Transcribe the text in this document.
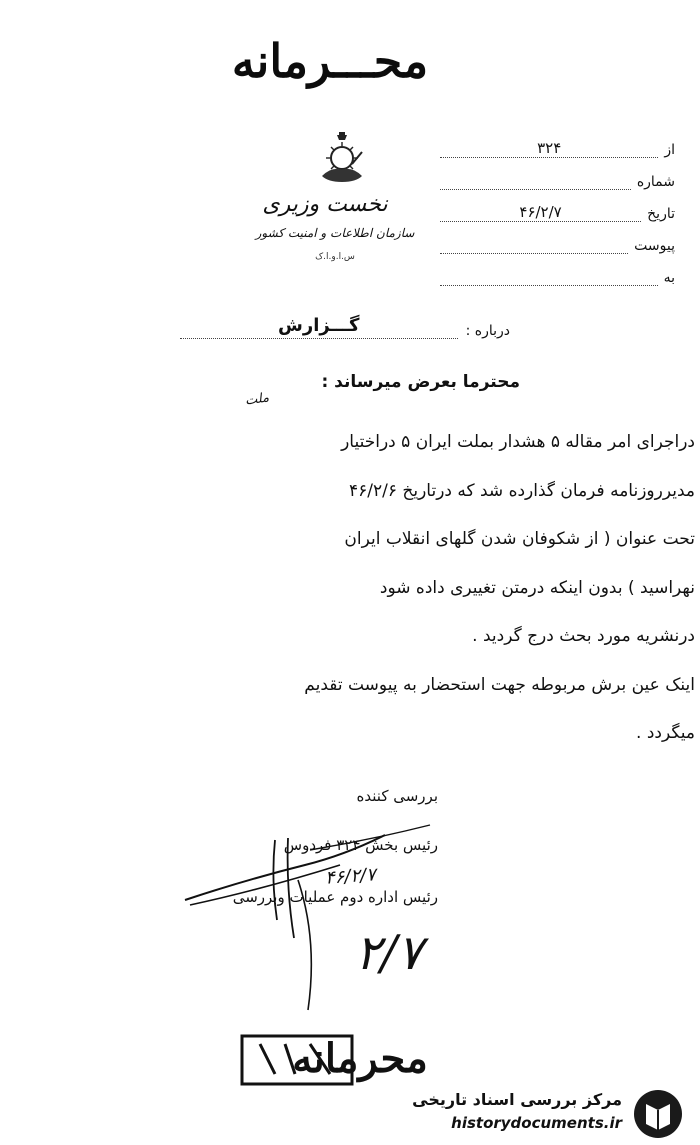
محـــرمانه
نخست وزیری
سازمان اطلاعات و امنیت کشور
س.ا.و.ا.ک
از
۳۲۴
شماره
تاریخ
۴۶/۲/۷
پیوست
به
درباره :
گـــزارش
محترما بعرض میرساند :
ملت

دراجرای امر مقاله ۵ هشدار بملت ایران ۵ دراختیار

مدیرروزنامه فرمان گذارده شد که درتاریخ ۴۶/۲/۶

تحت عنوان ( از شکوفان شدن گلهای انقلاب ایران

نهراسید ) بدون اینکه درمتن تغییری داده شود

درنشریه مورد بحث درج گردید .

اینک عین برش مربوطه جهت استحضار به پیوست تقدیم

میگردد .

بررسی کننده
رئیس بخش ۳۲۴ فردوس
رئیس اداره دوم عملیات وبررسی
۴۶/۲/۷
۲/۷
محرمانه
مرکز بررسی اسناد تاریخی
historydocuments.ir
